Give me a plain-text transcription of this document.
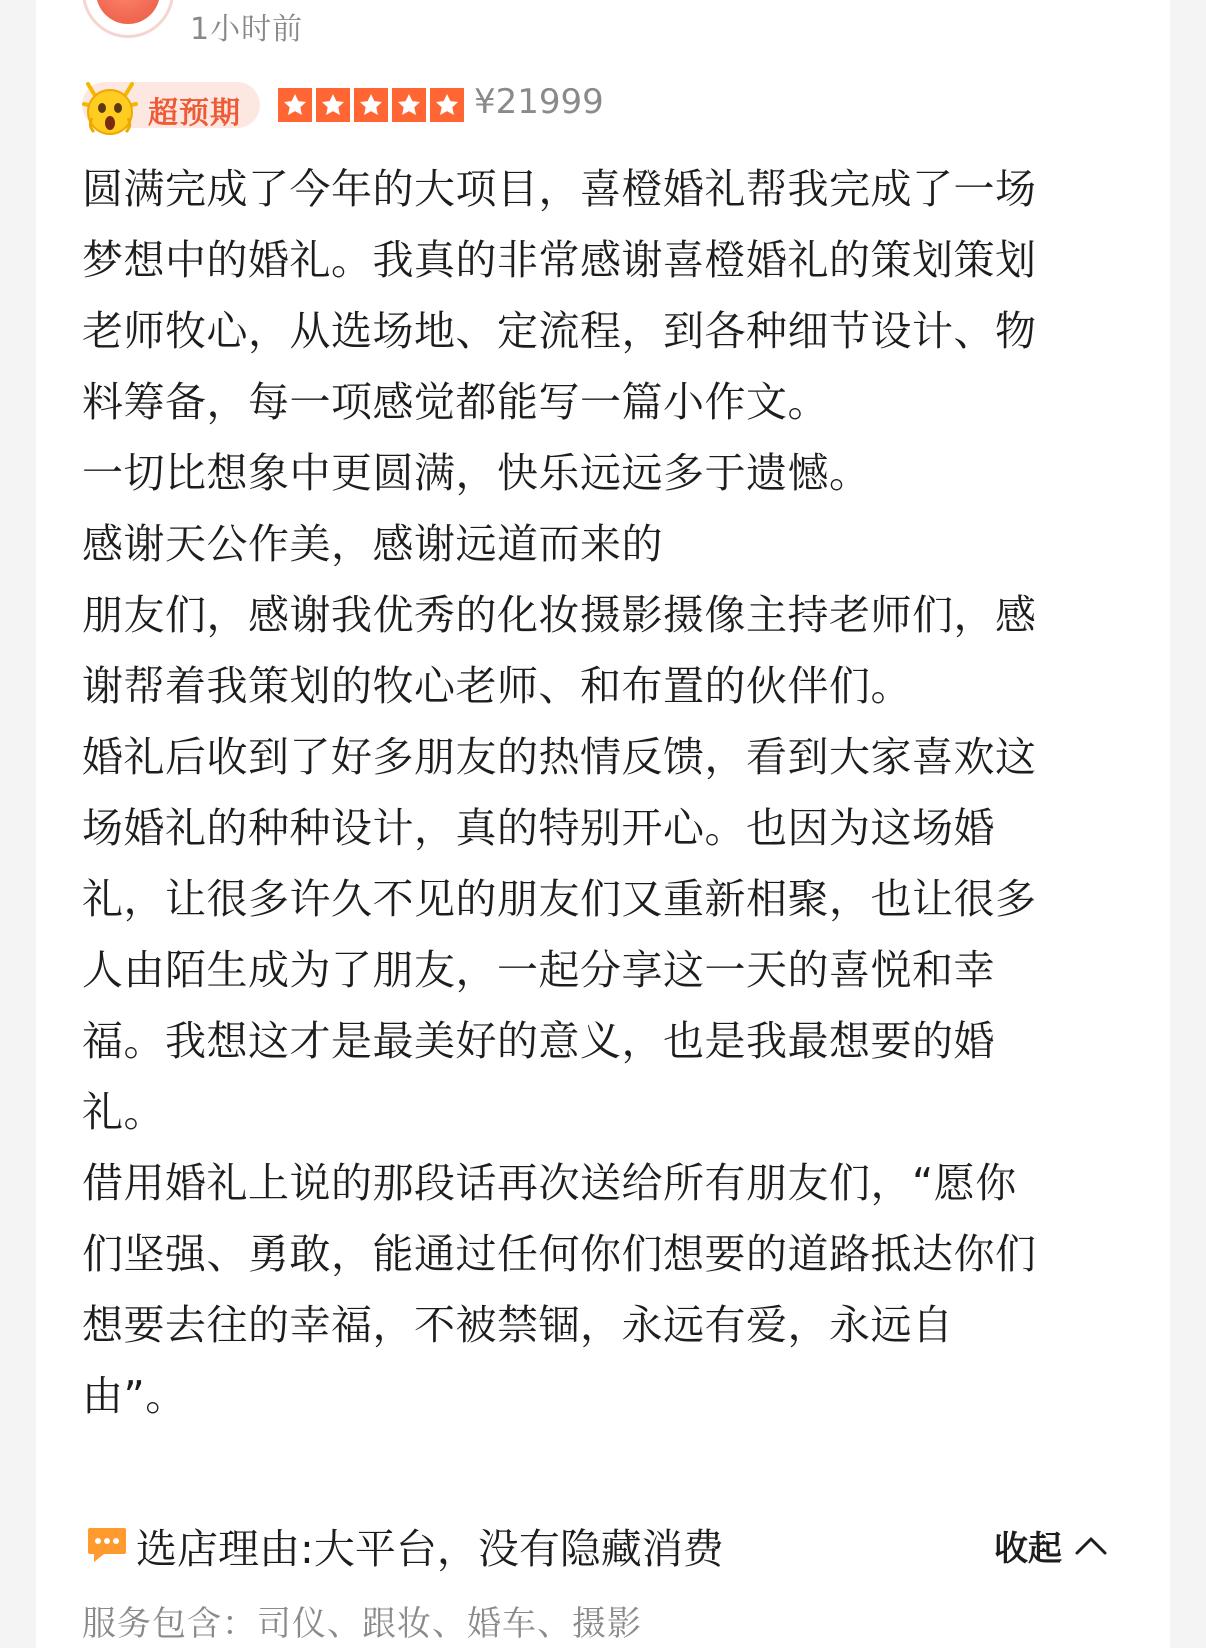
1小时前
超预期	¥21999
圆满完成了今年的大项目，喜橙婚礼帮我完成了一场
梦想中的婚礼。我真的非常感谢喜橙婚礼的策划策划
老师牧心，从选场地、定流程，到各种细节设计、物
料筹备，每一项感觉都能写一篇小作文。
一切比想象中更圆满，快乐远远多于遗憾。
感谢天公作美，感谢远道而来的
朋友们，感谢我优秀的化妆摄影摄像主持老师们，感
谢帮着我策划的牧心老师、和布置的伙伴们。
婚礼后收到了好多朋友的热情反馈，看到大家喜欢这
场婚礼的种种设计，真的特别开心。也因为这场婚
礼，让很多许久不见的朋友们又重新相聚，也让很多
人由陌生成为了朋友，一起分享这一天的喜悦和幸
福。我想这才是最美好的意义，也是我最想要的婚
礼。
借用婚礼上说的那段话再次送给所有朋友们，“愿你
们坚强、勇敢，能通过任何你们想要的道路抵达你们
想要去往的幸福，不被禁锢，永远有爱，永远自
由”。
选店理由:大平台，没有隐藏消费	收起
服务包含：司仪、跟妆、婚车、摄影
